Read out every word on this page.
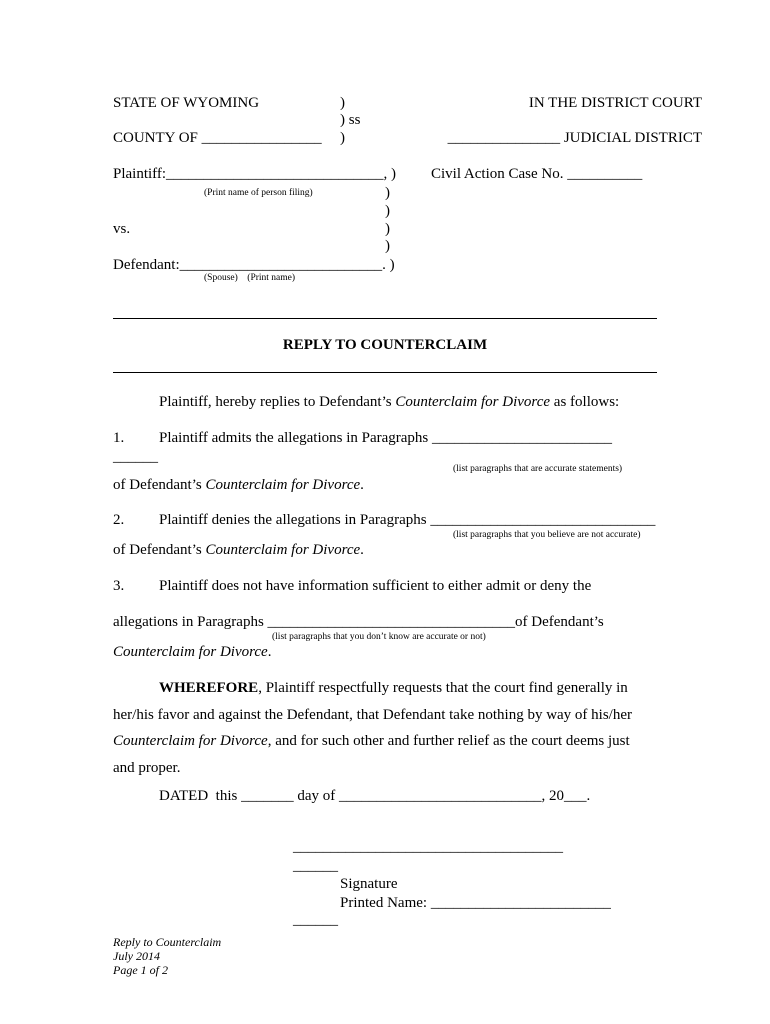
STATE OF WYOMING	)	IN THE DISTRICT COURT
) ss
COUNTY OF ________________ )	_______________ JUDICIAL DISTRICT
Plaintiff:_____________________________, ) Civil Action Case No. __________
(Print name of person filing)	)
)
vs.	)
)
Defendant:___________________________. )
(Spouse)    (Print name)
REPLY TO COUNTERCLAIM
Plaintiff, hereby replies to Defendant’s Counterclaim for Divorce as follows:
1. Plaintiff admits the allegations in Paragraphs ________________________
______
(list paragraphs that are accurate statements)
of Defendant’s Counterclaim for Divorce.
2. Plaintiff denies the allegations in Paragraphs ______________________________
(list paragraphs that you believe are not accurate)
of Defendant’s Counterclaim for Divorce.
3. Plaintiff does not have information sufficient to either admit or deny the
allegations in Paragraphs _________________________________of Defendant’s
(list paragraphs that you don’t know are accurate or not)
Counterclaim for Divorce.
WHEREFORE, Plaintiff respectfully requests that the court find generally in
her/his favor and against the Defendant, that Defendant take nothing by way of his/her
Counterclaim for Divorce, and for such other and further relief as the court deems just
and proper.
DATED  this _______ day of ___________________________, 20___.
____________________________________
______
Signature
Printed Name: ________________________
______
Reply to Counterclaim
July 2014
Page 1 of 2
